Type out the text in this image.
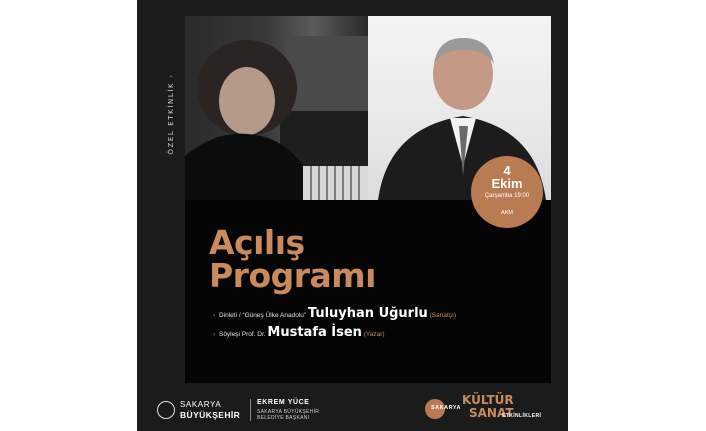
ÖZEL ETKİNLİK›
Açılış
Programı
› Dinleti / “Güneş Ülke Anadolu” Tuluyhan Uğurlu (Sanatçı)
› Söyleşi Prof. Dr. Mustafa İsen (Yazar)
SAKARYA
BÜYÜKŞEHİR
EKREM YÜCE
SAKARYA BÜYÜKŞEHİR
BELEDİYE BAŞKANI
SAKARYA
KÜLTÜR
SANAT
ETKİNLİKLERİ
4
Ekim
Çarşamba 19:00
AKM
